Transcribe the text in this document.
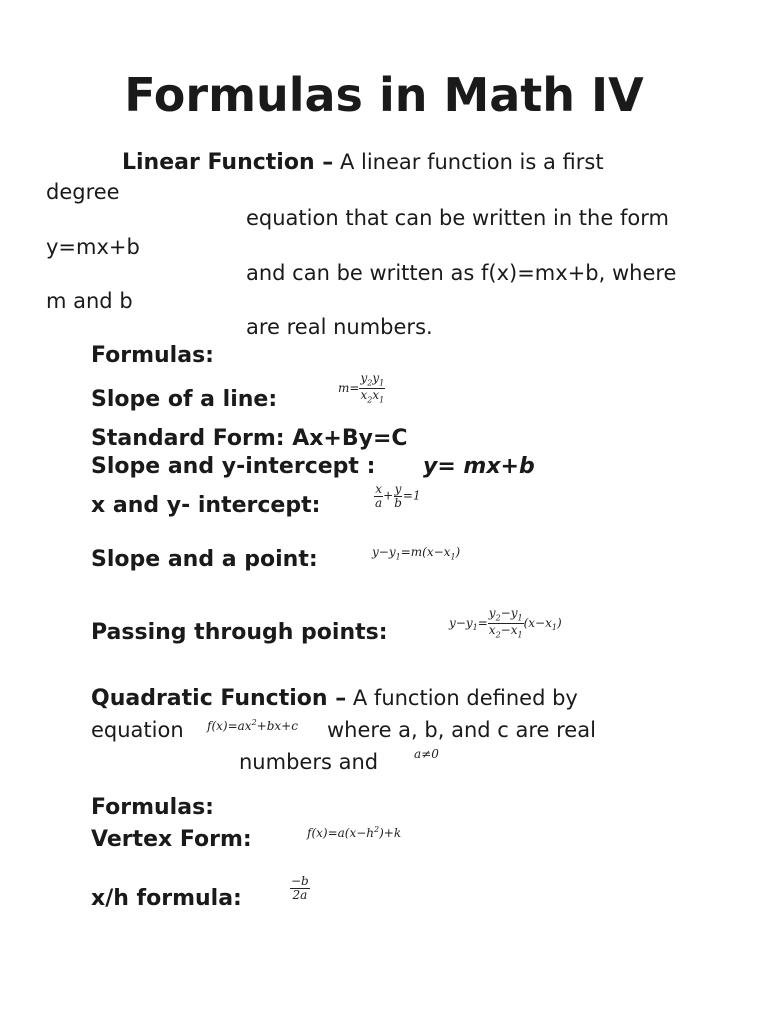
Formulas in Math IV
Linear Function – A linear function is a first
degree
equation that can be written in the form
y=mx+b
and can be written as f(x)=mx+b, where
m and b
are real numbers.
Formulas:
Slope of a line:	$m= \frac{y_2y_1}{x_2x_1}$
Standard Form: Ax+By=C
Slope and y-intercept : y= mx+b
x and y- intercept:	$\frac{x}{a} + \frac{y}{b} =1$
Slope and a point:	$y-y_1=m(x-x_1)$
Passing through points:	$y-y_1= \frac{y_2-y_1}{x_2-x_1} (x-x_1)$
Quadratic Function – A function defined by
equation $f(x)=ax^2+bx+c$ where a, b, and c are real
numbers and	a≠0
Formulas:
Vertex Form:	$f(x)=a(x-h^2)+k$
x/h formula:	$\frac{-b}{2a}$
